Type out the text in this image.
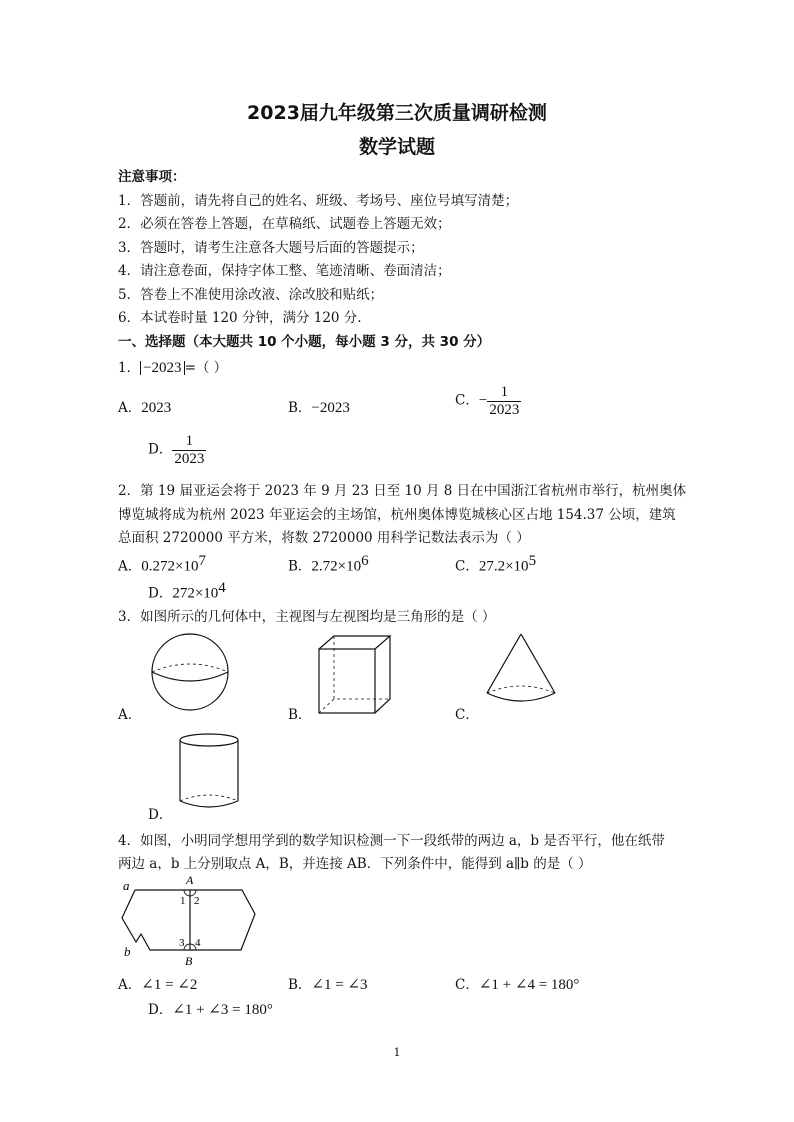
2023届九年级第三次质量调研检测
数学试题
注意事项：
1．答题前，请先将自己的姓名、班级、考场号、座位号填写清楚；
2．必须在答卷上答题，在草稿纸、试题卷上答题无效；
3．答题时，请考生注意各大题号后面的答题提示；
4．请注意卷面，保持字体工整、笔迹清晰、卷面清洁；
5．答卷上不准使用涂改液、涂改胶和贴纸；
6．本试卷时量 120 分钟，满分 120 分.
一、选择题（本大题共 10 个小题，每小题 3 分，共 30 分）
1． −2023 =（ ）
A．2023	B．−2023	C．− $\frac{1}{2023}$
D． $\frac{1}{2023}$
2．第 19 届亚运会将于 2023 年 9 月 23 日至 10 月 8 日在中国浙江省杭州市举行，杭州奥体
博览城将成为杭州 2023 年亚运会的主场馆，杭州奥体博览城核心区占地 154.37 公顷，建筑
总面积 2720000 平方米，将数 2720000 用科学记数法表示为（ ）
A．$0.272\times 10^7$	B．$2.72\times 10^6$	C．$27.2\times 10^5$
D．$272\times 10^4$
3．如图所示的几何体中，主视图与左视图均是三角形的是（ ）
A．	B．	C．
D．
4．如图，小明同学想用学到的数学知识检测一下一段纸带的两边 a，b 是否平行，他在纸带
两边 a，b 上分别取点 A，B，并连接 AB．下列条件中，能得到 a∥b 的是（ ）
a
b
A
B
1 2
3 4
A．∠1 = ∠2	B．∠1 = ∠3	C．∠1 + ∠4 = 180°
D．∠1 + ∠3 = 180°
1
